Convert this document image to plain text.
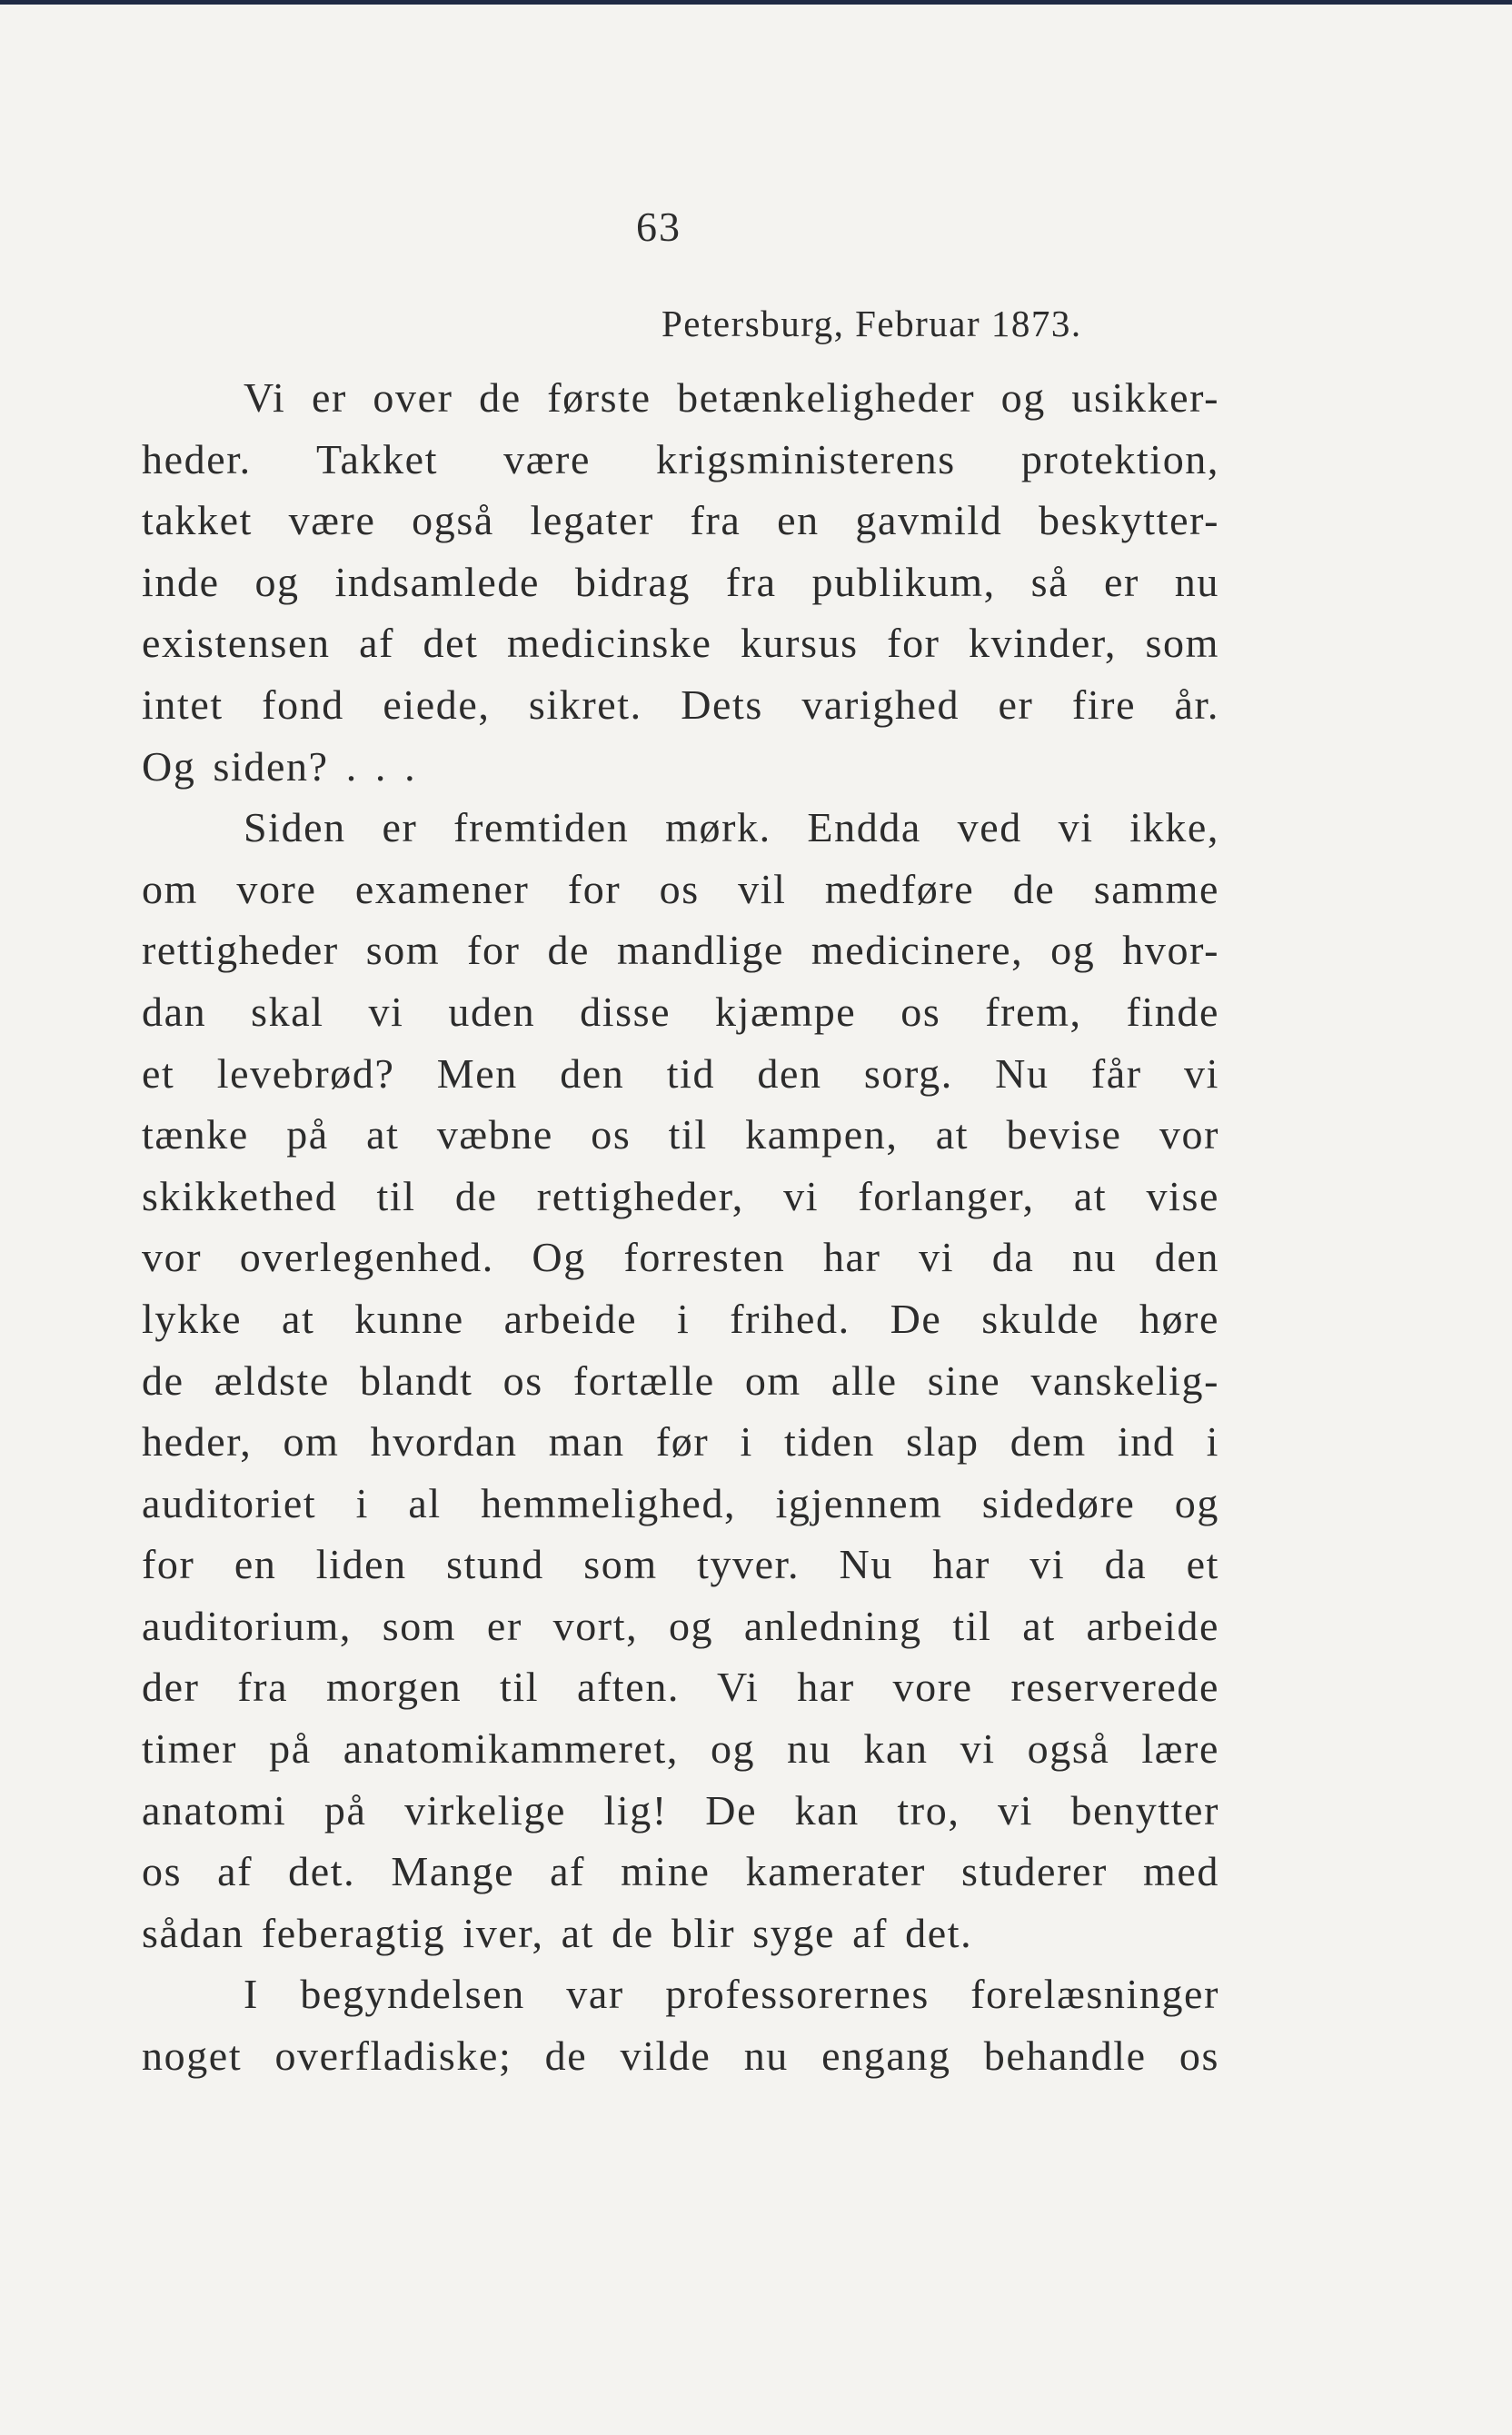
63
Petersburg, Februar 1873.
Vi er over de første betænkeligheder og usikker-
heder. Takket være krigsministerens protektion,
takket være også legater fra en gavmild beskytter-
inde og indsamlede bidrag fra publikum, så er nu
existensen af det medicinske kursus for kvinder, som
intet fond eiede, sikret. Dets varighed er fire år.
Og siden? . . .
Siden er fremtiden mørk. Endda ved vi ikke,
om vore examener for os vil medføre de samme
rettigheder som for de mandlige medicinere, og hvor-
dan skal vi uden disse kjæmpe os frem, finde
et levebrød? Men den tid den sorg. Nu får vi
tænke på at væbne os til kampen, at bevise vor
skikkethed til de rettigheder, vi forlanger, at vise
vor overlegenhed. Og forresten har vi da nu den
lykke at kunne arbeide i frihed. De skulde høre
de ældste blandt os fortælle om alle sine vanskelig-
heder, om hvordan man før i tiden slap dem ind i
auditoriet i al hemmelighed, igjennem sidedøre og
for en liden stund som tyver. Nu har vi da et
auditorium, som er vort, og anledning til at arbeide
der fra morgen til aften. Vi har vore reserverede
timer på anatomikammeret, og nu kan vi også lære
anatomi på virkelige lig! De kan tro, vi benytter
os af det. Mange af mine kamerater studerer med
sådan feberagtig iver, at de blir syge af det.
I begyndelsen var professorernes forelæsninger
noget overfladiske; de vilde nu engang behandle os
